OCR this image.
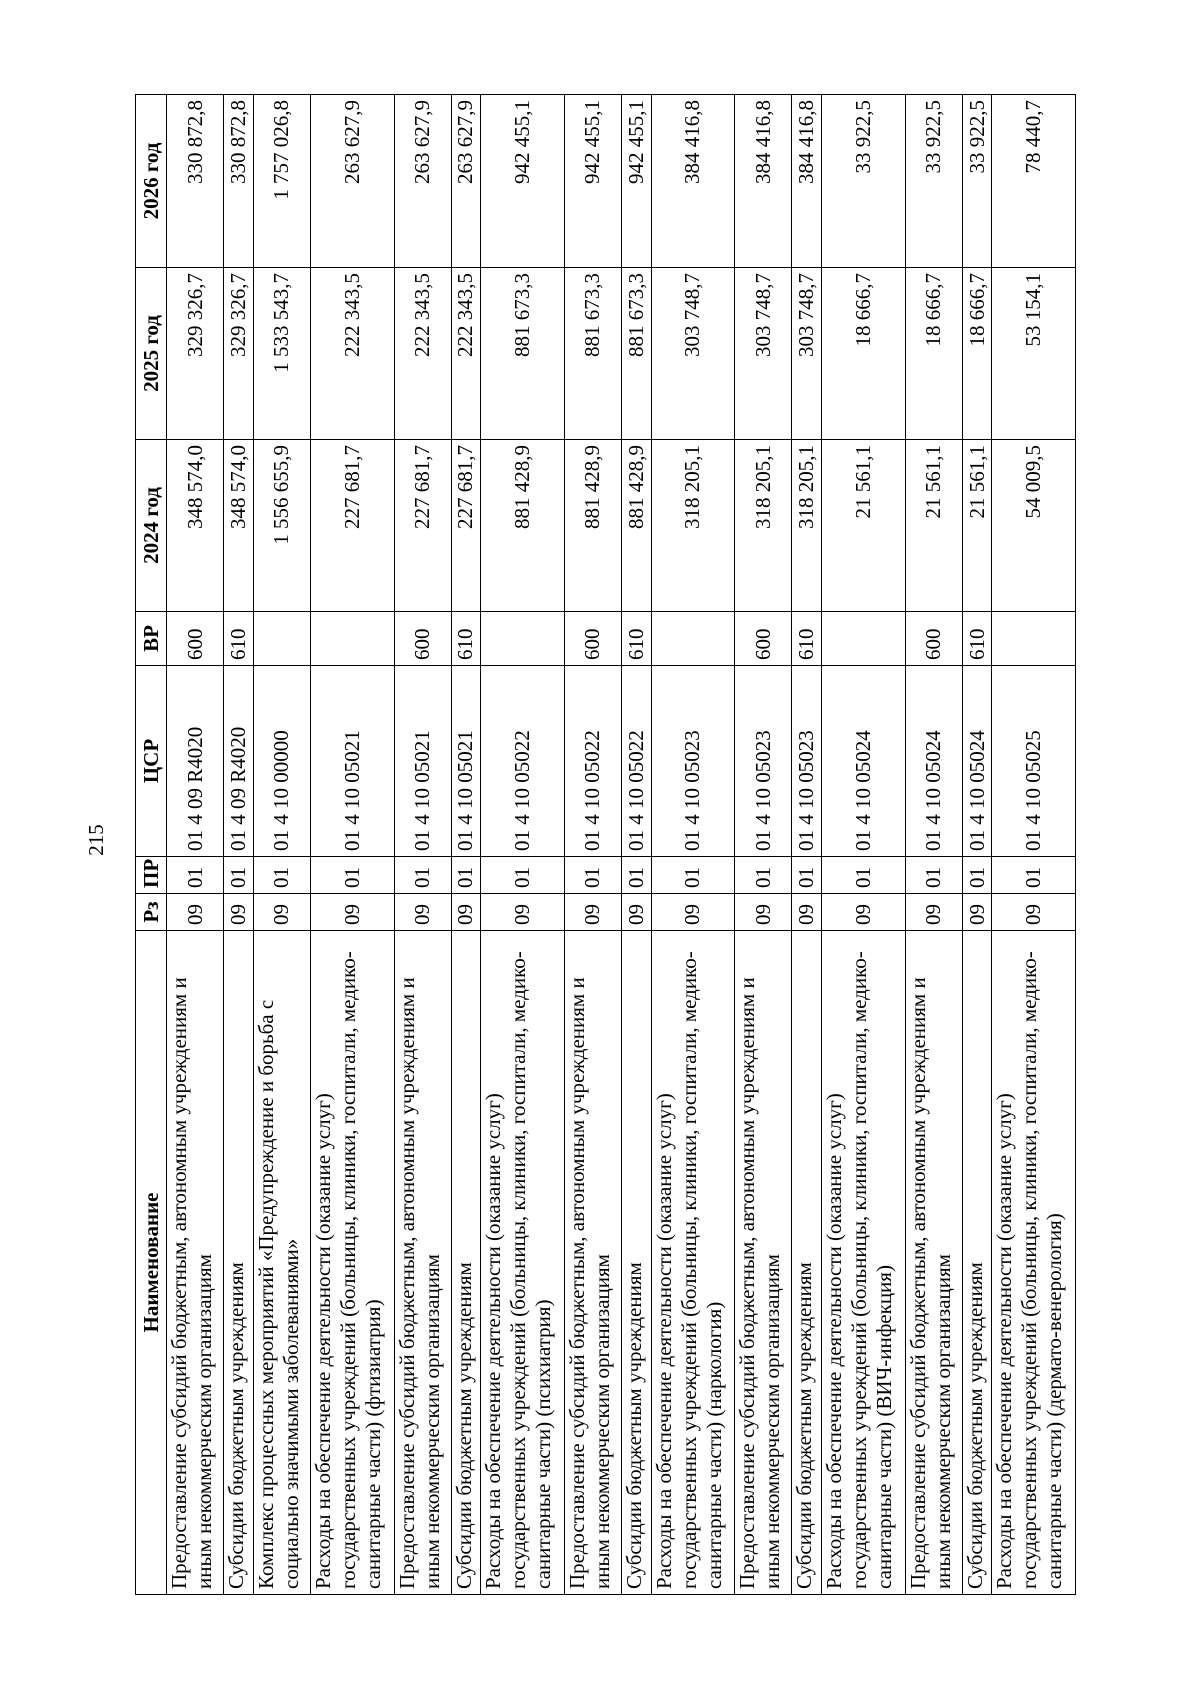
215
Наименование	Рз	ПР	ЦСР	ВР	2024 год	2025 год	2026 год
Предоставление субсидий бюджетным, автономным учреждениям и иным некоммерческим организациям	09	01	01 4 09 R4020	600	348 574,0	329 326,7	330 872,8
Субсидии бюджетным учреждениям	09	01	01 4 09 R4020	610	348 574,0	329 326,7	330 872,8
Комплекс процессных мероприятий «Предупреждение и борьба с социально значимыми заболеваниями»	09	01	01 4 10 00000		1 556 655,9	1 533 543,7	1 757 026,8
Расходы на обеспечение деятельности (оказание услуг) государственных учреждений (больницы, клиники, госпитали, медико-санитарные части) (фтизиатрия)	09	01	01 4 10 05021		227 681,7	222 343,5	263 627,9
Предоставление субсидий бюджетным, автономным учреждениям и иным некоммерческим организациям	09	01	01 4 10 05021	600	227 681,7	222 343,5	263 627,9
Субсидии бюджетным учреждениям	09	01	01 4 10 05021	610	227 681,7	222 343,5	263 627,9
Расходы на обеспечение деятельности (оказание услуг) государственных учреждений (больницы, клиники, госпитали, медико-санитарные части) (психиатрия)	09	01	01 4 10 05022		881 428,9	881 673,3	942 455,1
Предоставление субсидий бюджетным, автономным учреждениям и иным некоммерческим организациям	09	01	01 4 10 05022	600	881 428,9	881 673,3	942 455,1
Субсидии бюджетным учреждениям	09	01	01 4 10 05022	610	881 428,9	881 673,3	942 455,1
Расходы на обеспечение деятельности (оказание услуг) государственных учреждений (больницы, клиники, госпитали, медико-санитарные части) (наркология)	09	01	01 4 10 05023		318 205,1	303 748,7	384 416,8
Предоставление субсидий бюджетным, автономным учреждениям и иным некоммерческим организациям	09	01	01 4 10 05023	600	318 205,1	303 748,7	384 416,8
Субсидии бюджетным учреждениям	09	01	01 4 10 05023	610	318 205,1	303 748,7	384 416,8
Расходы на обеспечение деятельности (оказание услуг) государственных учреждений (больницы, клиники, госпитали, медико-санитарные части) (ВИЧ-инфекция)	09	01	01 4 10 05024		21 561,1	18 666,7	33 922,5
Предоставление субсидий бюджетным, автономным учреждениям и иным некоммерческим организациям	09	01	01 4 10 05024	600	21 561,1	18 666,7	33 922,5
Субсидии бюджетным учреждениям	09	01	01 4 10 05024	610	21 561,1	18 666,7	33 922,5
Расходы на обеспечение деятельности (оказание услуг) государственных учреждений (больницы, клиники, госпитали, медико-санитарные части) (дермато-венерология)	09	01	01 4 10 05025		54 009,5	53 154,1	78 440,7
